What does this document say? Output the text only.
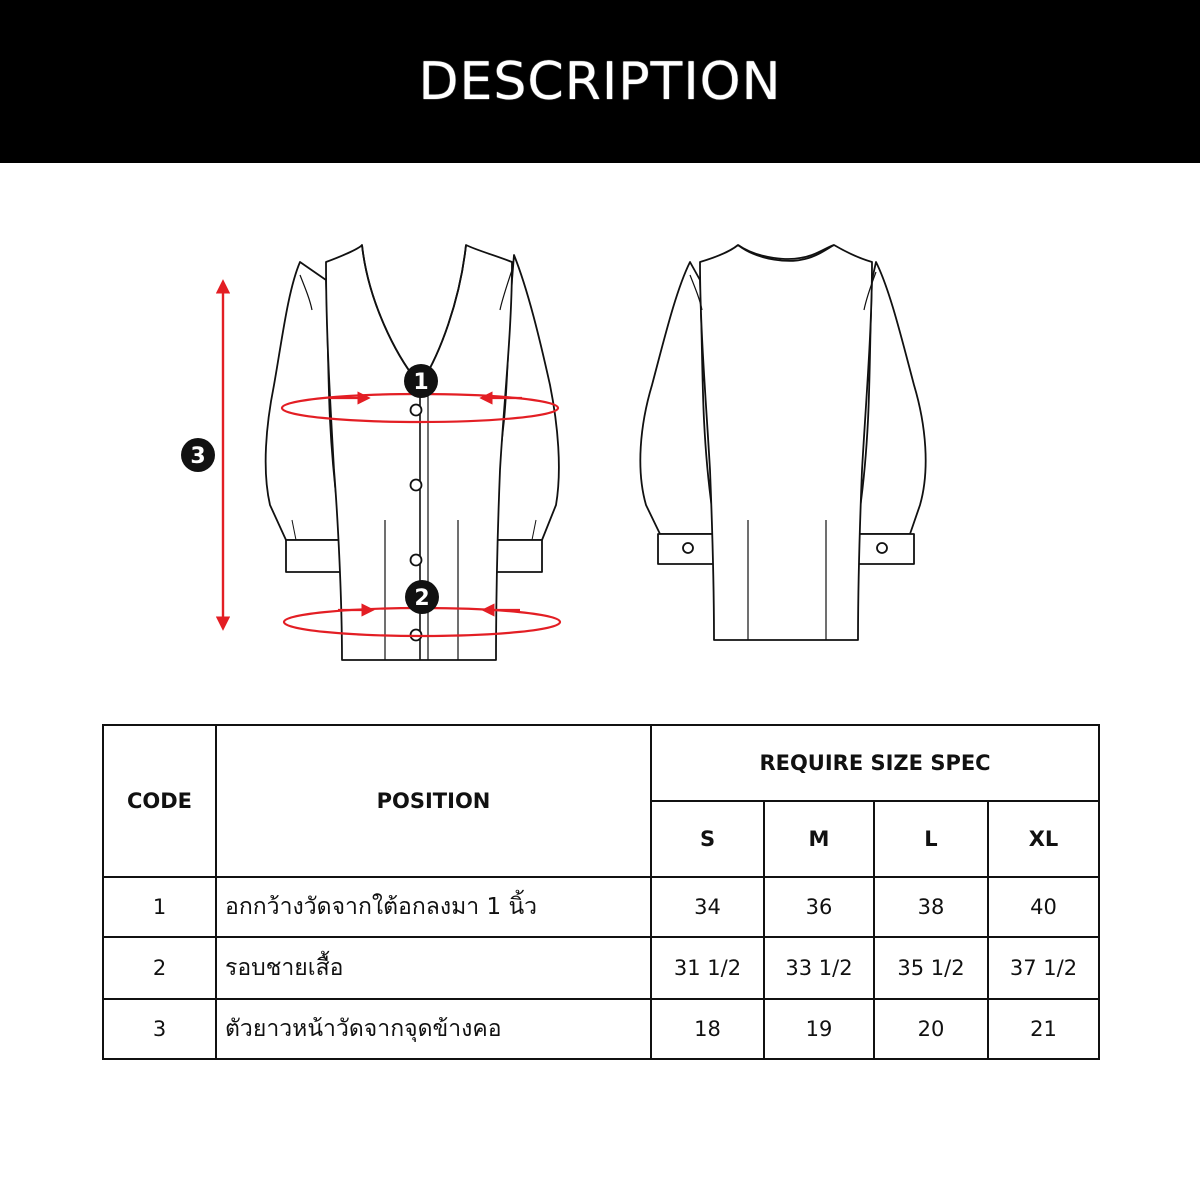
DESCRIPTION
1
2
3
CODE	POSITION	REQUIRE SIZE SPEC			
		S	M	L	XL
1	อกกว้างวัดจากใต้อกลงมา 1 นิ้ว	34	36	38	40
2	รอบชายเสื้อ	31 1/2	33 1/2	35 1/2	37 1/2
3	ตัวยาวหน้าวัดจากจุดข้างคอ	18	19	20	21
